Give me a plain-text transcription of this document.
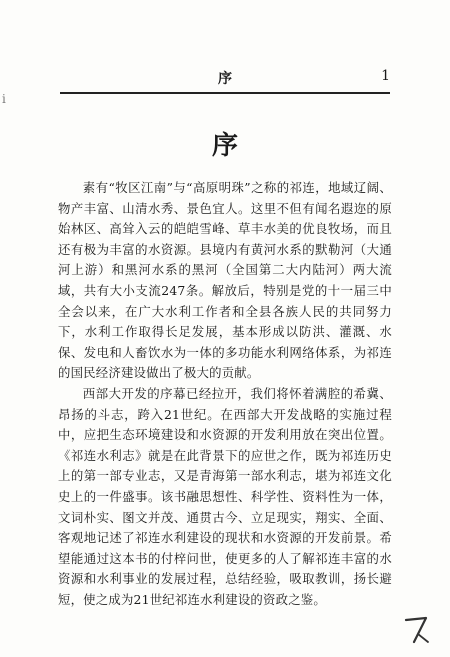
ⅰ
序	1
序

素有“牧区江南”与“高原明珠”之称的祁连，地域辽阔、物产丰富、山清水秀、景色宜人。这里不但有闻名遐迩的原始林区、高耸入云的皑皑雪峰、草丰水美的优良牧场，而且还有极为丰富的水资源。县境内有黄河水系的默勒河（大通河上游）和黑河水系的黑河（全国第二大内陆河）两大流域，共有大小支流247条。解放后，特别是党的十一届三中全会以来，在广大水利工作者和全县各族人民的共同努力下，水利工作取得长足发展，基本形成以防洪、灌溉、水保、发电和人畜饮水为一体的多功能水利网络体系，为祁连的国民经济建设做出了极大的贡献。

西部大开发的序幕已经拉开，我们将怀着满腔的希冀、昂扬的斗志，跨入21世纪。在西部大开发战略的实施过程中，应把生态环境建设和水资源的开发利用放在突出位置。《祁连水利志》就是在此背景下的应世之作，既为祁连历史上的第一部专业志，又是青海第一部水利志，堪为祁连文化史上的一件盛事。该书融思想性、科学性、资料性为一体，文词朴实、图文并茂、通贯古今、立足现实，翔实、全面、客观地记述了祁连水利建设的现状和水资源的开发前景。希望能通过这本书的付梓问世，使更多的人了解祁连丰富的水资源和水利事业的发展过程，总结经验，吸取教训，扬长避短，使之成为21世纪祁连水利建设的资政之鉴。
